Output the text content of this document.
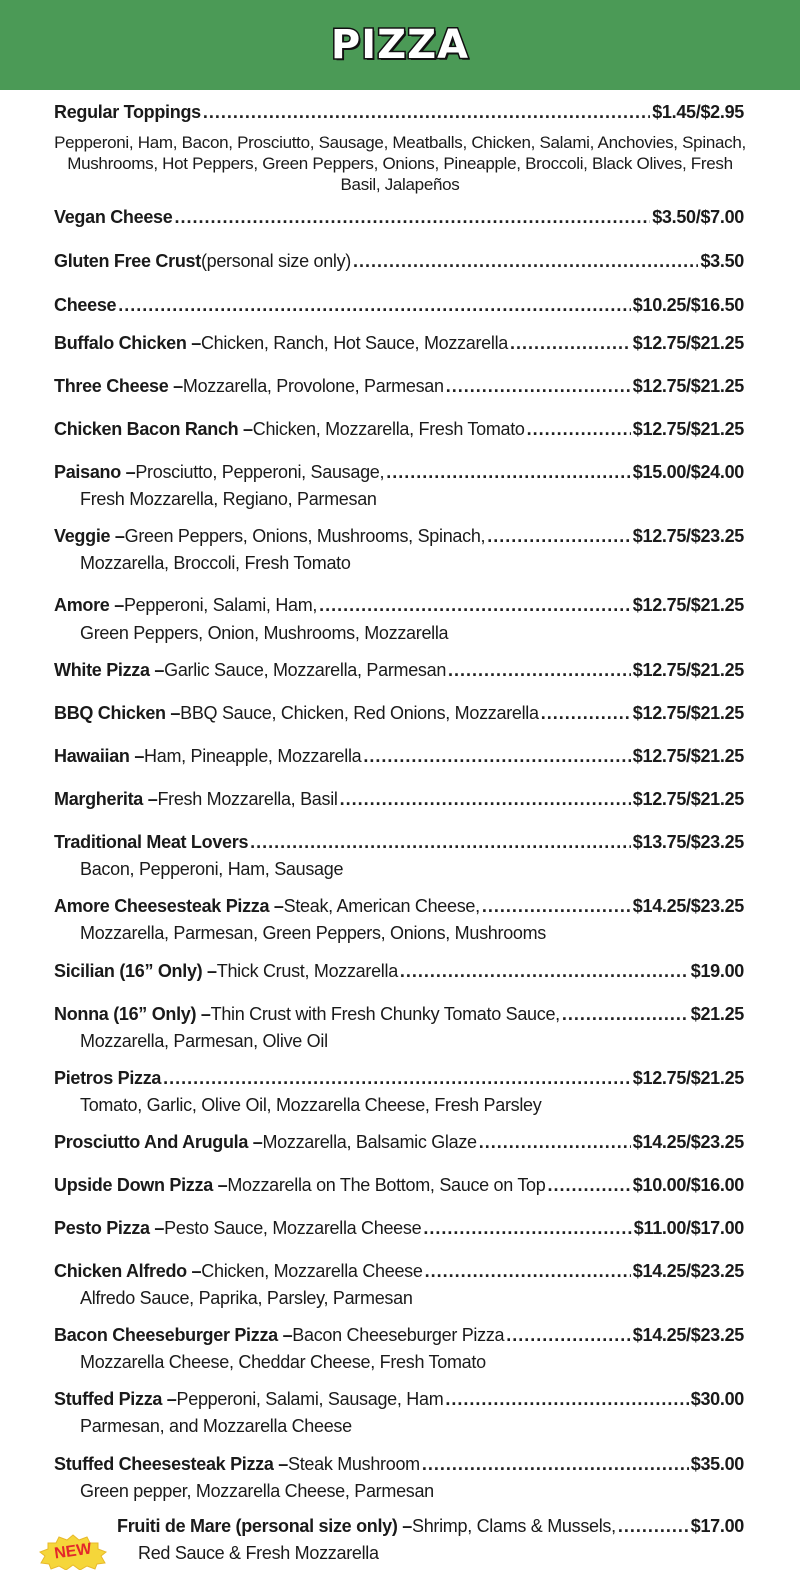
PIZZA
Regular Toppings .....	$1.45/$2.95
Pepperoni, Ham, Bacon, Prosciutto, Sausage, Meatballs, Chicken, Salami, Anchovies, Spinach, Mushrooms, Hot Peppers, Green Peppers, Onions, Pineapple, Broccoli, Black Olives, Fresh Basil, Jalapeños
Vegan Cheese .....	$3.50/$7.00
Gluten Free Crust (personal size only) .....	$3.50
Cheese .....	$10.25/$16.50
Buffalo Chicken – Chicken, Ranch, Hot Sauce, Mozzarella .....	$12.75/$21.25
Three Cheese – Mozzarella, Provolone, Parmesan .....	$12.75/$21.25
Chicken Bacon Ranch – Chicken, Mozzarella, Fresh Tomato .....	$12.75/$21.25
Paisano – Prosciutto, Pepperoni, Sausage, .....	$15.00/$24.00
Fresh Mozzarella, Regiano, Parmesan
Veggie – Green Peppers, Onions, Mushrooms, Spinach, .....	$12.75/$23.25
Mozzarella, Broccoli, Fresh Tomato
Amore – Pepperoni, Salami, Ham, .....	$12.75/$21.25
Green Peppers, Onion, Mushrooms, Mozzarella
White Pizza – Garlic Sauce, Mozzarella, Parmesan .....	$12.75/$21.25
BBQ Chicken – BBQ Sauce, Chicken, Red Onions, Mozzarella .....	$12.75/$21.25
Hawaiian – Ham, Pineapple, Mozzarella .....	$12.75/$21.25
Margherita – Fresh Mozzarella, Basil .....	$12.75/$21.25
Traditional Meat Lovers .....	$13.75/$23.25
Bacon, Pepperoni, Ham, Sausage
Amore Cheesesteak Pizza – Steak, American Cheese, .....	$14.25/$23.25
Mozzarella, Parmesan, Green Peppers, Onions, Mushrooms
Sicilian (16” Only) – Thick Crust, Mozzarella .....	$19.00
Nonna (16” Only) – Thin Crust with Fresh Chunky Tomato Sauce, .....	$21.25
Mozzarella, Parmesan, Olive Oil
Pietros Pizza .....	$12.75/$21.25
Tomato, Garlic, Olive Oil, Mozzarella Cheese, Fresh Parsley
Prosciutto And Arugula – Mozzarella, Balsamic Glaze .....	$14.25/$23.25
Upside Down Pizza – Mozzarella on The Bottom, Sauce on Top .....	$10.00/$16.00
Pesto Pizza – Pesto Sauce, Mozzarella Cheese .....	$11.00/$17.00
Chicken Alfredo – Chicken, Mozzarella Cheese .....	$14.25/$23.25
Alfredo Sauce, Paprika, Parsley, Parmesan
Bacon Cheeseburger Pizza – Bacon Cheeseburger Pizza .....	$14.25/$23.25
Mozzarella Cheese, Cheddar Cheese, Fresh Tomato
Stuffed Pizza – Pepperoni, Salami, Sausage, Ham .....	$30.00
Parmesan, and Mozzarella Cheese
Stuffed Cheesesteak Pizza – Steak Mushroom .....	$35.00
Green pepper, Mozzarella Cheese, Parmesan
NEW
Fruiti de Mare (personal size only) – Shrimp, Clams & Mussels, .....	$17.00
Red Sauce & Fresh Mozzarella
